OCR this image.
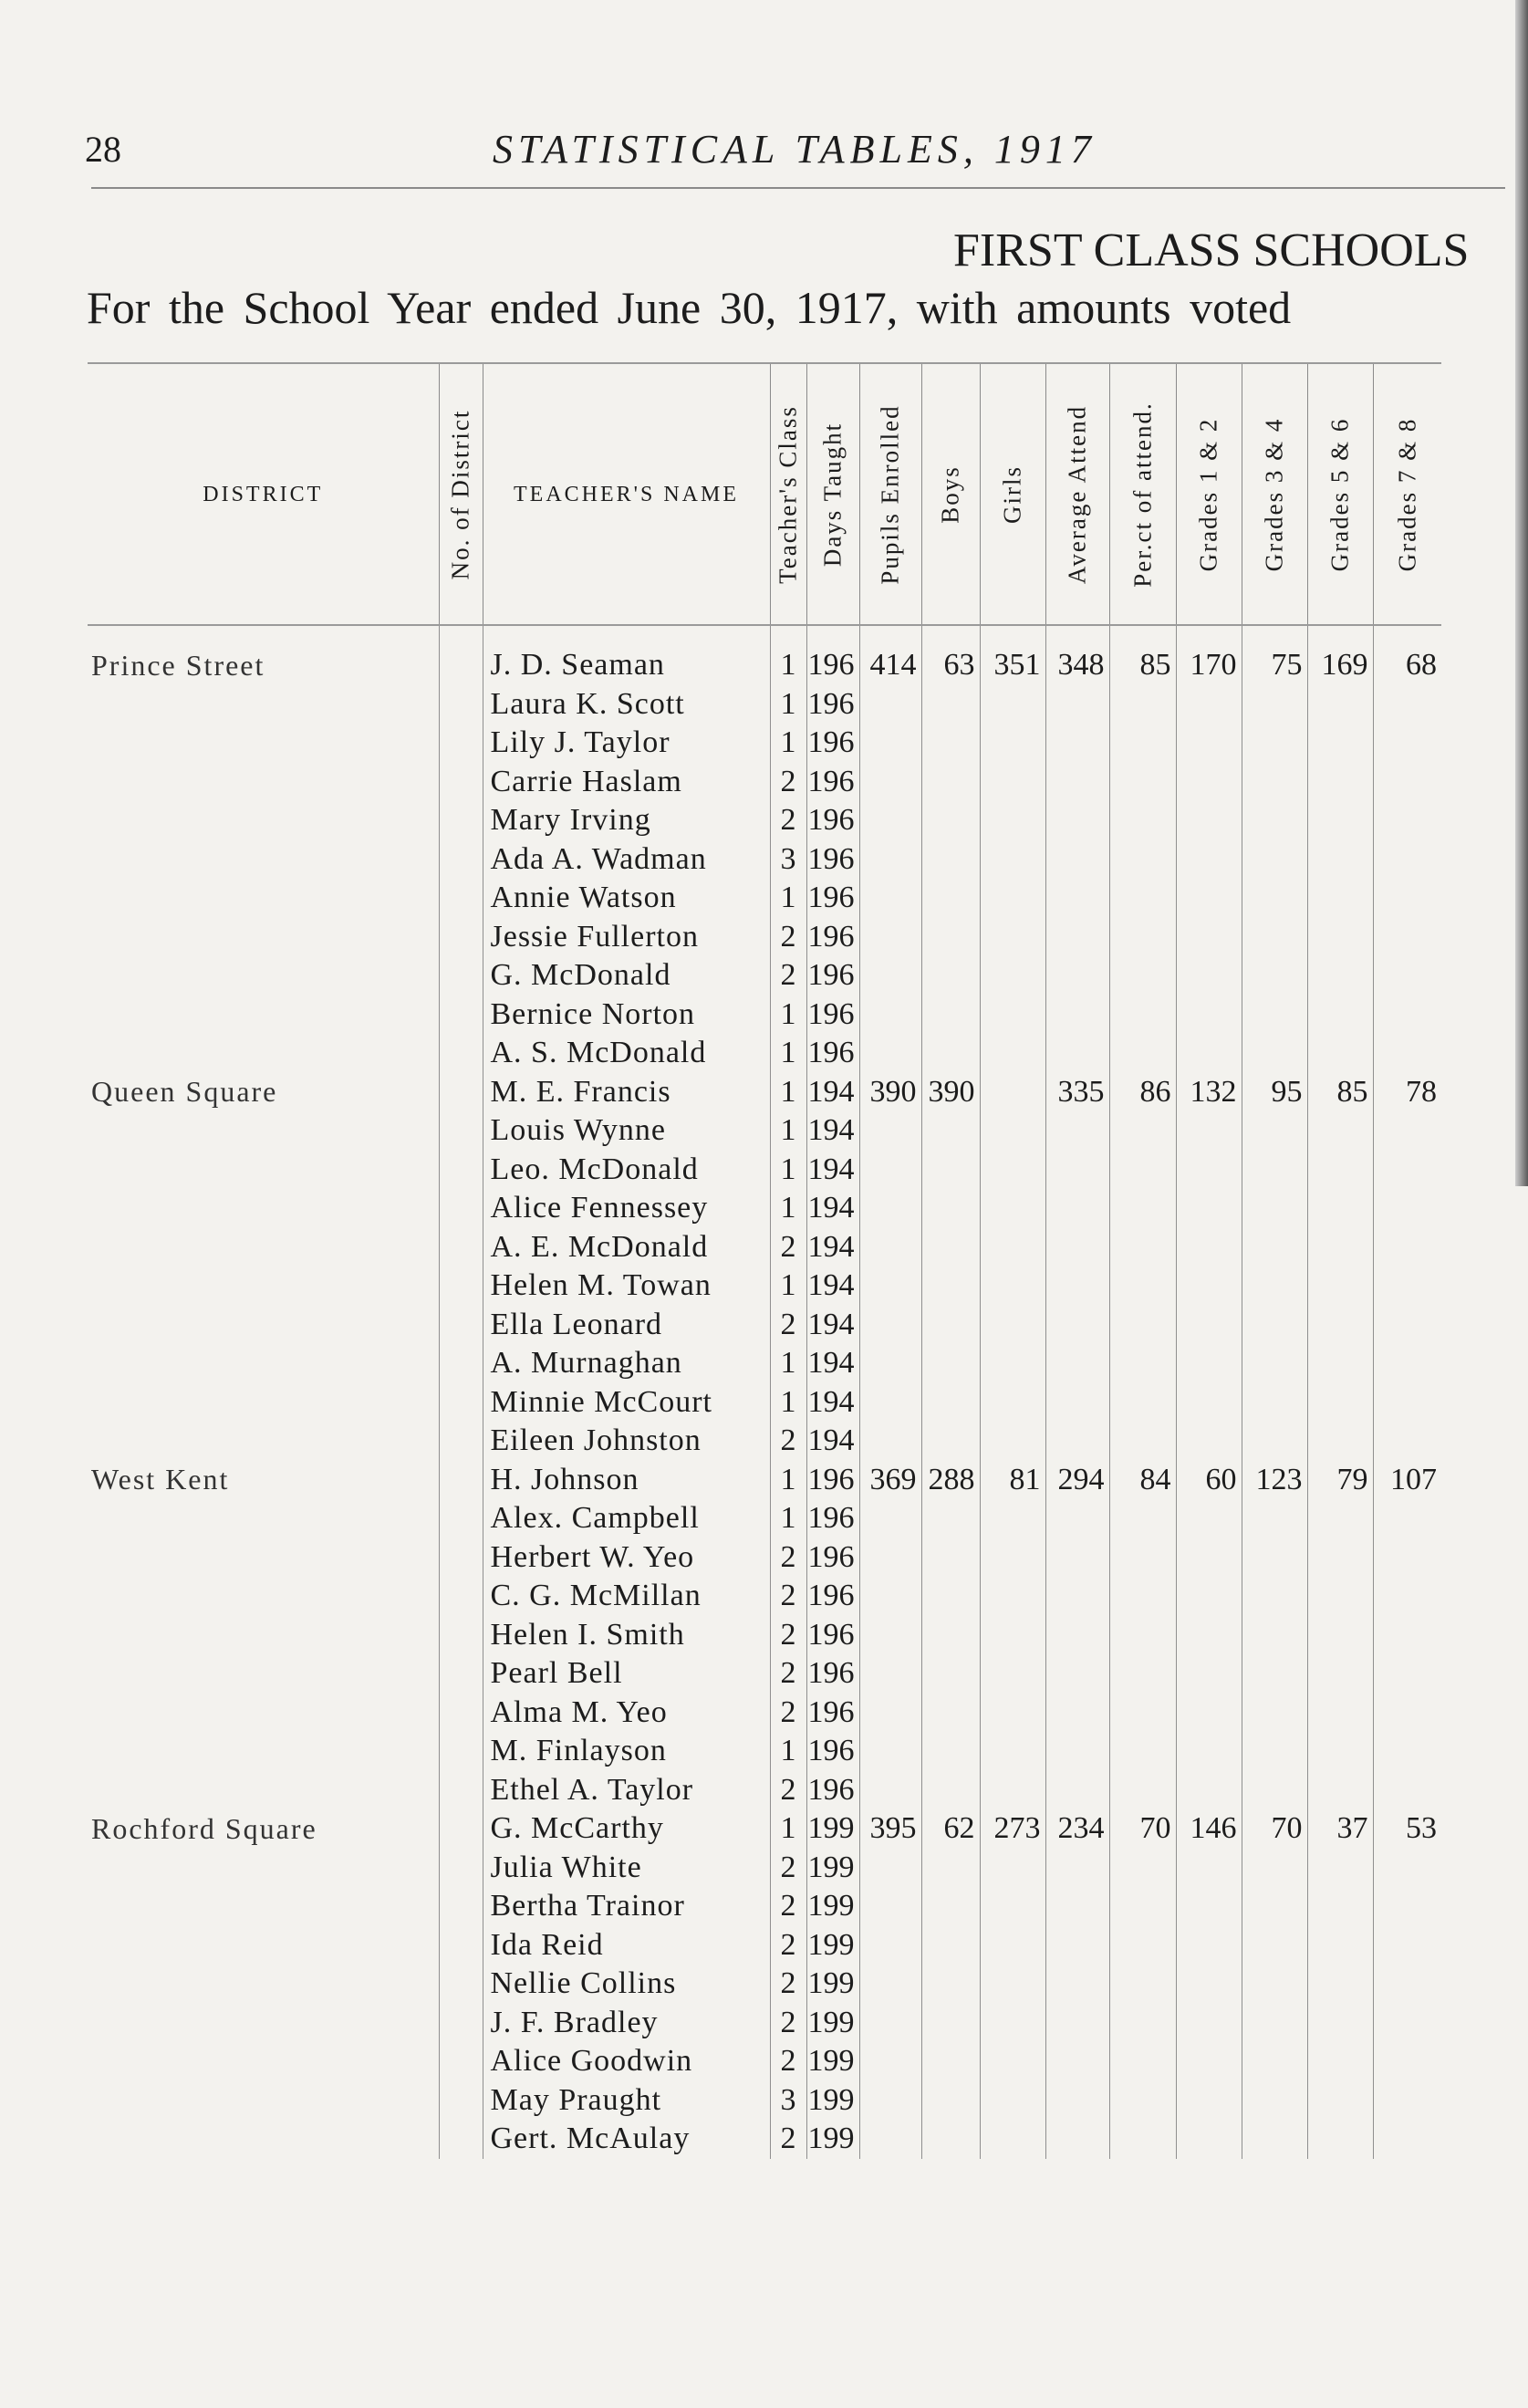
28	STATISTICAL TABLES, 1917
FIRST CLASS SCHOOLS
For the School Year ended June 30, 1917, with amounts voted
DISTRICT	No. of District	TEACHER'S NAME	Teacher's Class	Days Taught	Pupils Enrolled	Boys	Girls	Average Attend	Per.ct of attend.	Grades 1 & 2	Grades 3 & 4	Grades 5 & 6	Grades 7 & 8

Prince Street		J. D. Seaman	1	196	414	63	351	348	85	170	75	169	68
		Laura K. Scott	1	196									
		Lily J. Taylor	1	196									
		Carrie Haslam	2	196									
		Mary Irving	2	196									
		Ada A. Wadman	3	196									
		Annie Watson	1	196									
		Jessie Fullerton	2	196									
		G. McDonald	2	196									
		Bernice Norton	1	196									
		A. S. McDonald	1	196									
Queen Square		M. E. Francis	1	194	390	390		335	86	132	95	85	78
		Louis Wynne	1	194									
		Leo. McDonald	1	194									
		Alice Fennessey	1	194									
		A. E. McDonald	2	194									
		Helen M. Towan	1	194									
		Ella Leonard	2	194									
		A. Murnaghan	1	194									
		Minnie McCourt	1	194									
		Eileen Johnston	2	194									
West Kent		H. Johnson	1	196	369	288	81	294	84	60	123	79	107
		Alex. Campbell	1	196									
		Herbert W. Yeo	2	196									
		C. G. McMillan	2	196									
		Helen I. Smith	2	196									
		Pearl Bell	2	196									
		Alma M. Yeo	2	196									
		M. Finlayson	1	196									
		Ethel A. Taylor	2	196									
Rochford Square		G. McCarthy	1	199	395	62	273	234	70	146	70	37	53
		Julia White	2	199									
		Bertha Trainor	2	199									
		Ida Reid	2	199									
		Nellie Collins	2	199									
		J. F. Bradley	2	199									
		Alice Goodwin	2	199									
		May Praught	3	199									
		Gert. McAulay	2	199									
